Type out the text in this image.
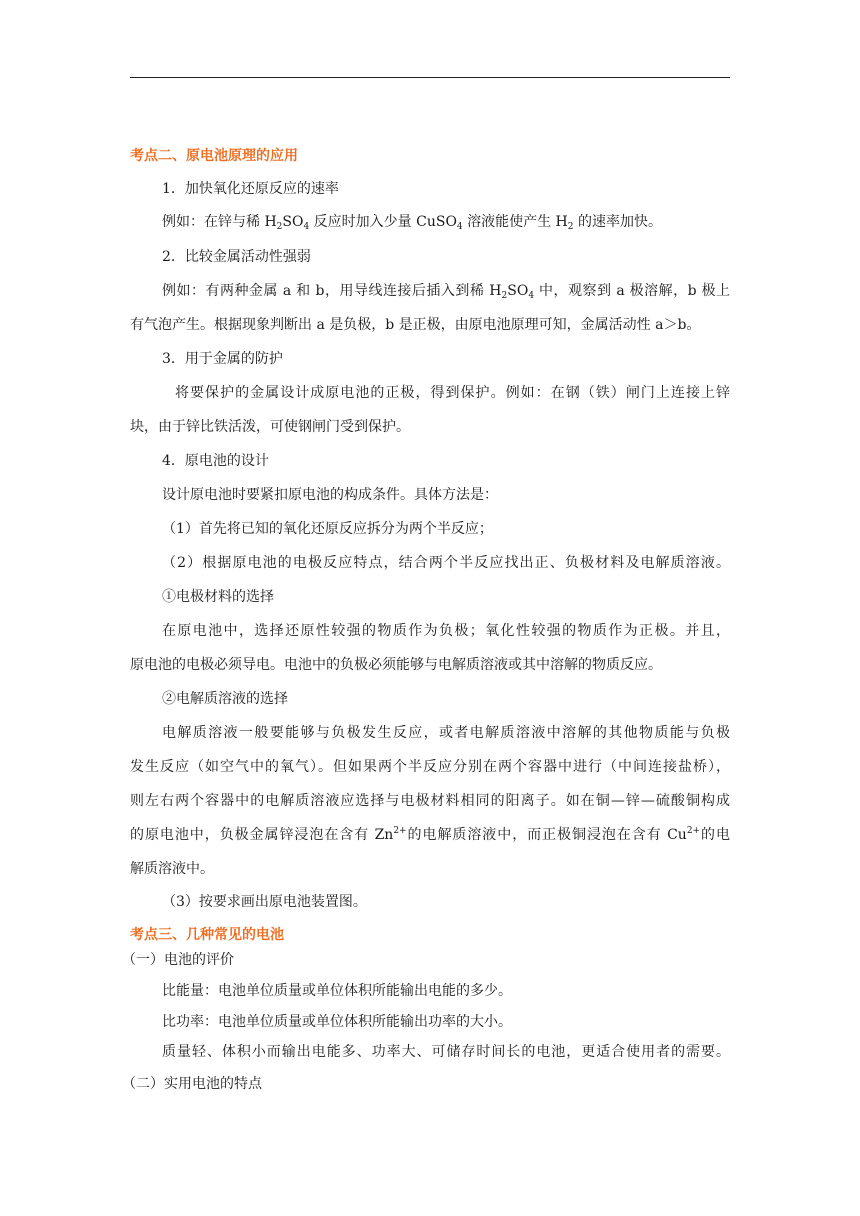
考点二、原电池原理的应用
1．加快氧化还原反应的速率
例如：在锌与稀 $H_2SO_4$ 反应时加入少量 CuSO$_4$ 溶液能使产生 $H_2$ 的速率加快。
2．比较金属活动性强弱
例如：有两种金属 a 和 b，用导线连接后插入到稀 $H_2SO_4$ 中，观察到 a 极溶解，b 极上
有气泡产生。根据现象判断出 a 是负极，b 是正极，由原电池原理可知，金属活动性 a＞b。
3．用于金属的防护
将要保护的金属设计成原电池的正极，得到保护。例如：在钢（铁）闸门上连接上锌
块，由于锌比铁活泼，可使钢闸门受到保护。
4．原电池的设计
设计原电池时要紧扣原电池的构成条件。具体方法是：
（1）首先将已知的氧化还原反应拆分为两个半反应；
（2）根据原电池的电极反应特点，结合两个半反应找出正、负极材料及电解质溶液。
①电极材料的选择
在原电池中，选择还原性较强的物质作为负极；氧化性较强的物质作为正极。并且，
原电池的电极必须导电。电池中的负极必须能够与电解质溶液或其中溶解的物质反应。
②电解质溶液的选择
电解质溶液一般要能够与负极发生反应，或者电解质溶液中溶解的其他物质能与负极
发生反应（如空气中的氧气）。但如果两个半反应分别在两个容器中进行（中间连接盐桥），
则左右两个容器中的电解质溶液应选择与电极材料相同的阳离子。如在铜—锌—硫酸铜构成
的原电池中，负极金属锌浸泡在含有 $Zn^{2+}$的电解质溶液中，而正极铜浸泡在含有 $Cu^{2+}$的电
解质溶液中。
（3）按要求画出原电池装置图。
考点三、几种常见的电池
（一）电池的评价
比能量：电池单位质量或单位体积所能输出电能的多少。
比功率：电池单位质量或单位体积所能输出功率的大小。
质量轻、体积小而输出电能多、功率大、可储存时间长的电池，更适合使用者的需要。
（二）实用电池的特点
